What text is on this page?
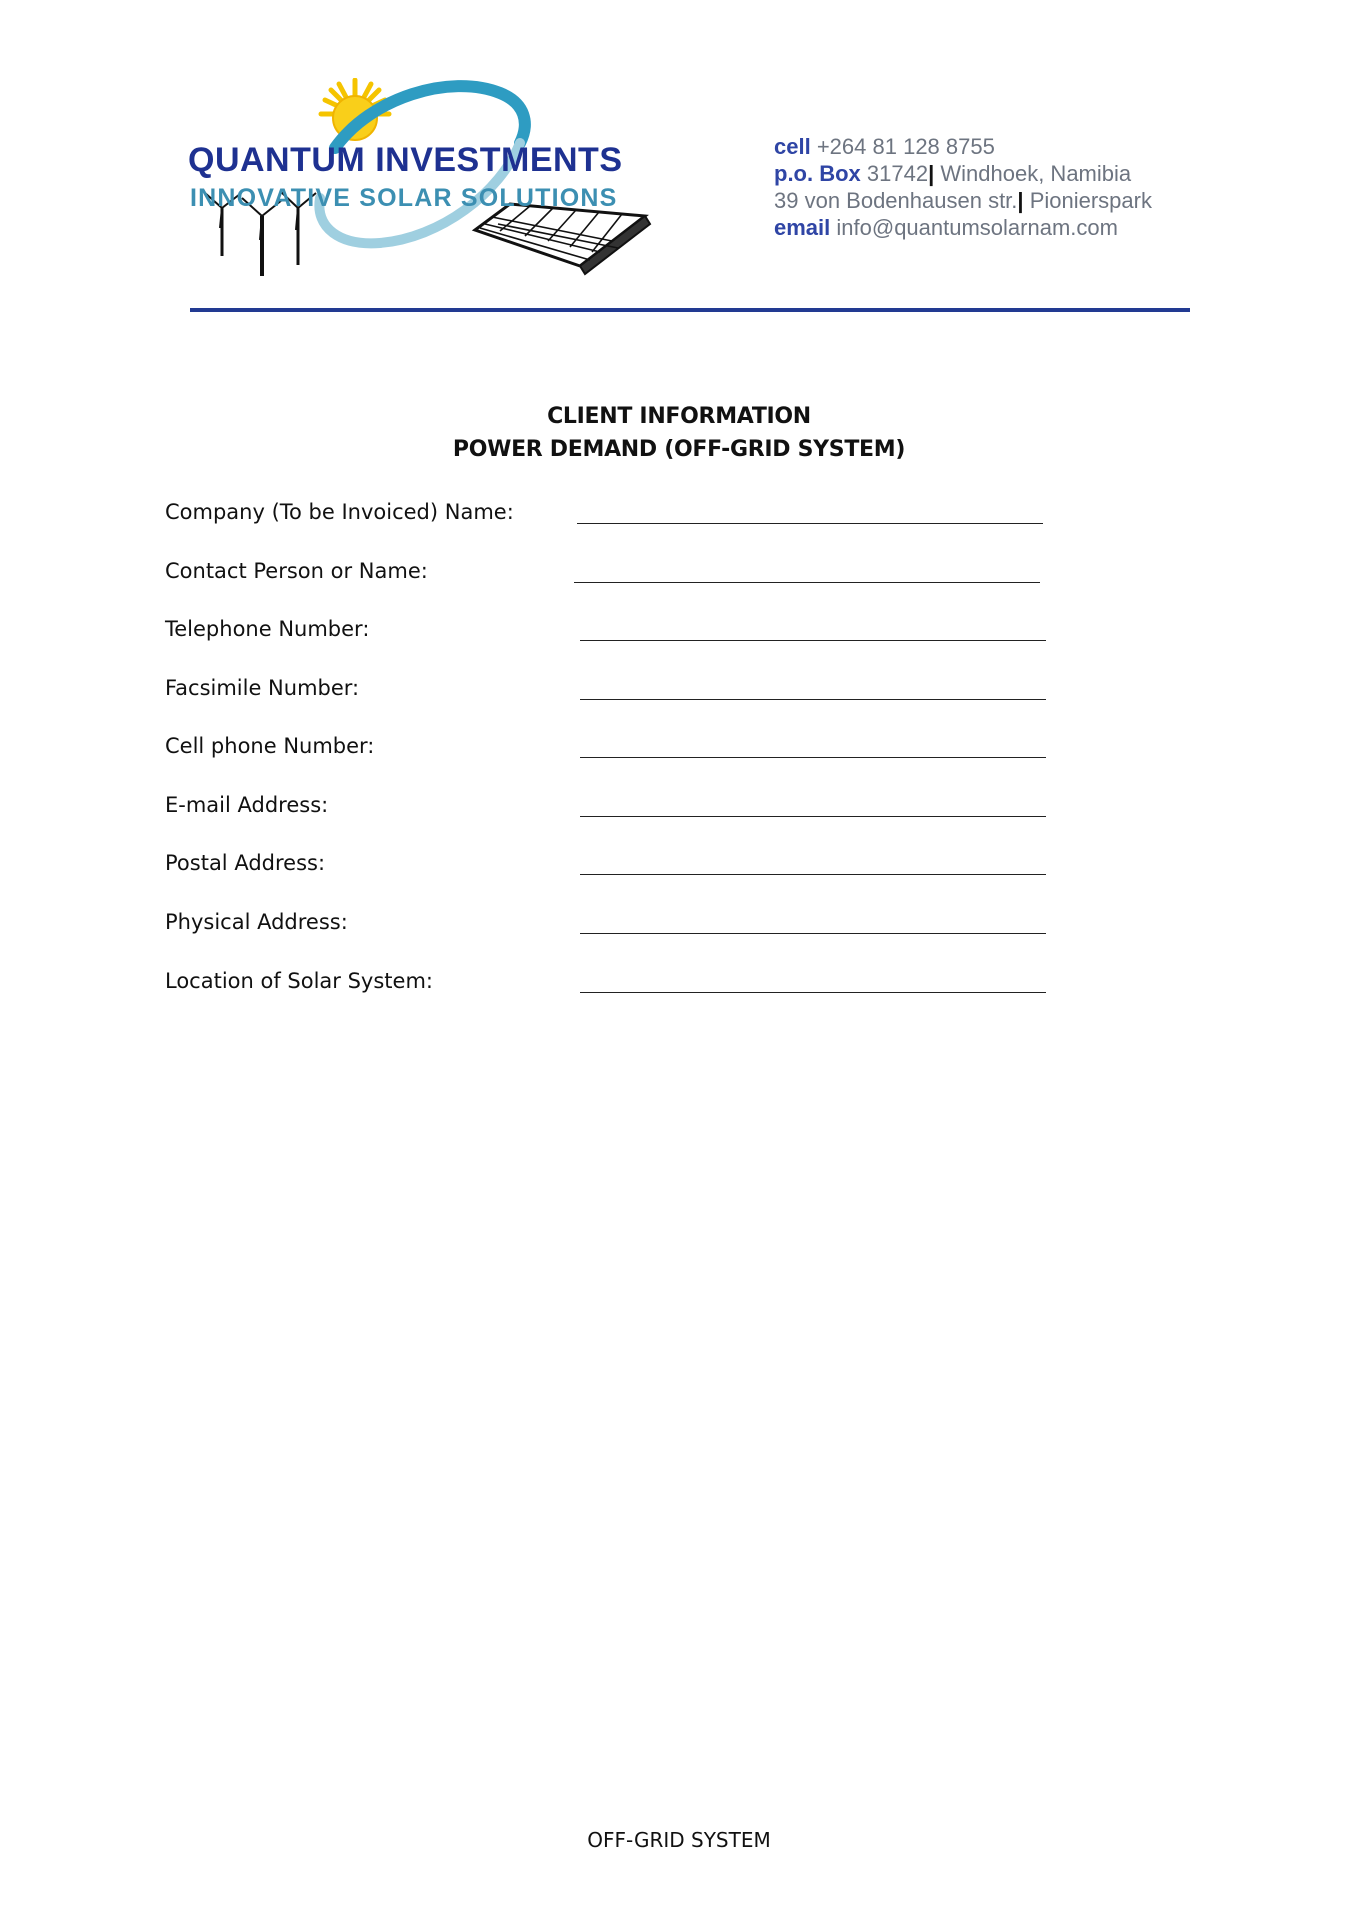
QUANTUM INVESTMENTS
INNOVATIVE SOLAR SOLUTIONS
cell +264 81 128 8755
p.o. Box 31742| Windhoek, Namibia
39 von Bodenhausen str.| Pionierspark
email info@quantumsolarnam.com
CLIENT INFORMATION
POWER DEMAND (OFF-GRID SYSTEM)
Company (To be Invoiced) Name:
Contact Person or Name:
Telephone Number:
Facsimile Number:
Cell phone Number:
E-mail Address:
Postal Address:
Physical Address:
Location of Solar System:
OFF-GRID SYSTEM
